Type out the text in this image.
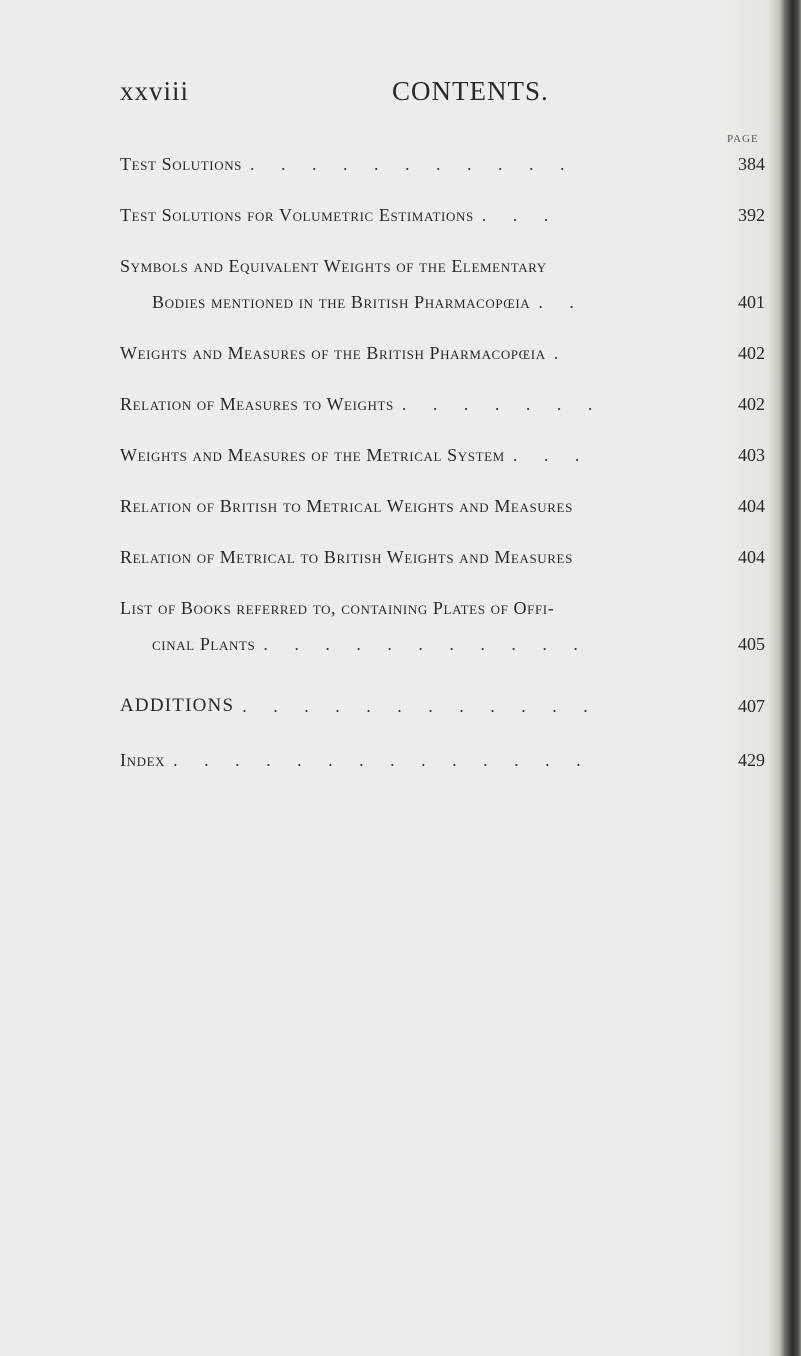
xxviii	CONTENTS.
PAGE
Test Solutions . . . . . . . . . . .	384
Test Solutions for Volumetric Estimations . . .	392
Symbols and Equivalent Weights of the Elementary
Bodies mentioned in the British Pharmacopœia . .	401
Weights and Measures of the British Pharmacopœia .	402
Relation of Measures to Weights . . . . . . .	402
Weights and Measures of the Metrical System . . .	403
Relation of British to Metrical Weights and Measures	404
Relation of Metrical to British Weights and Measures	404
List of Books referred to, containing Plates of Offi-
cinal Plants . . . . . . . . . . .	405
ADDITIONS . . . . . . . . . . . .	407
Index . . . . . . . . . . . . . .	429
